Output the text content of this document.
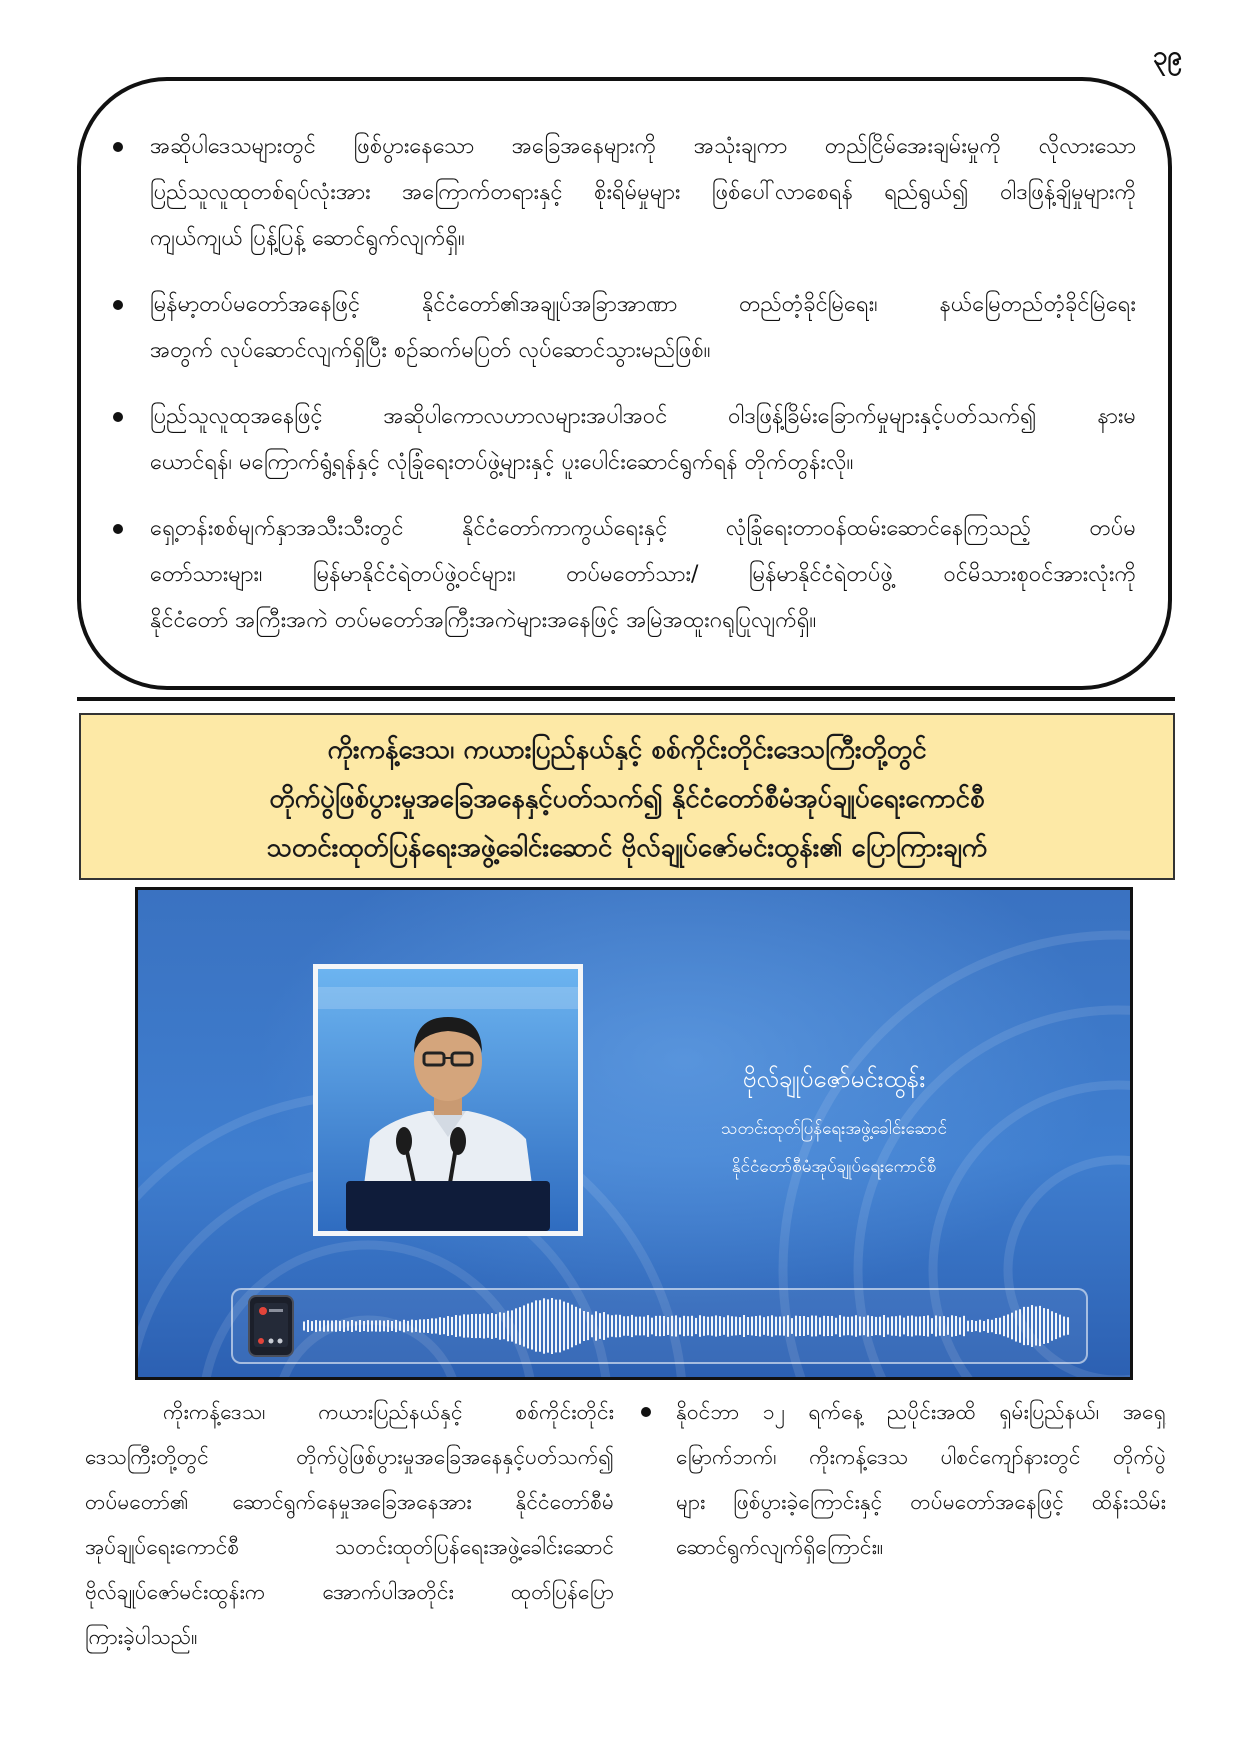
၃၉
အဆိုပါဒေသများတွင် ဖြစ်ပွားနေသော အခြေအနေများကို အသုံးချကာ တည်ငြိမ်အေးချမ်းမှုကို လိုလားသော
ပြည်သူလူထုတစ်ရပ်လုံးအား အကြောက်တရားနှင့် စိုးရိမ်မှုများ ဖြစ်ပေါ်လာစေရန် ရည်ရွယ်၍ ဝါဒဖြန့်ချိမှုများကို
ကျယ်ကျယ် ပြန့်ပြန့် ဆောင်ရွက်လျက်ရှိ။
မြန်မာ့တပ်မတော်အနေဖြင့် နိုင်ငံတော်၏အချုပ်အခြာအာဏာ တည်တံ့ခိုင်မြဲရေး၊ နယ်မြေတည်တံ့ခိုင်မြဲရေး
အတွက် လုပ်ဆောင်လျက်ရှိပြီး စဉ်ဆက်မပြတ် လုပ်ဆောင်သွားမည်ဖြစ်။
ပြည်သူလူထုအနေဖြင့် အဆိုပါကောလဟာလများအပါအဝင် ဝါဒဖြန့်ခြိမ်းခြောက်မှုများနှင့်ပတ်သက်၍ နားမ
ယောင်ရန်၊ မကြောက်ရွံ့ရန်နှင့် လုံခြုံရေးတပ်ဖွဲ့များနှင့် ပူးပေါင်းဆောင်ရွက်ရန် တိုက်တွန်းလို။
ရှေ့တန်းစစ်မျက်နှာအသီးသီးတွင် နိုင်ငံတော်ကာကွယ်ရေးနှင့် လုံခြုံရေးတာဝန်ထမ်းဆောင်နေကြသည့် တပ်မ
တော်သားများ၊ မြန်မာနိုင်ငံရဲတပ်ဖွဲ့ဝင်များ၊ တပ်မတော်သား/ မြန်မာနိုင်ငံရဲတပ်ဖွဲ့ ဝင်မိသားစုဝင်အားလုံးကို
နိုင်ငံတော် အကြီးအကဲ တပ်မတော်အကြီးအကဲများအနေဖြင့် အမြဲအထူးဂရုပြုလျက်ရှိ။
ကိုးကန့်ဒေသ၊ ကယားပြည်နယ်နှင့် စစ်ကိုင်းတိုင်းဒေသကြီးတို့တွင်
တိုက်ပွဲဖြစ်ပွားမှုအခြေအနေနှင့်ပတ်သက်၍ နိုင်ငံတော်စီမံအုပ်ချုပ်ရေးကောင်စီ
သတင်းထုတ်ပြန်ရေးအဖွဲ့ခေါင်းဆောင် ဗိုလ်ချုပ်ဇော်မင်းထွန်း၏ ပြောကြားချက်
ဗိုလ်ချုပ်ဇော်မင်းထွန်း
သတင်းထုတ်ပြန်ရေးအဖွဲ့ခေါင်းဆောင်
နိုင်ငံတော်စီမံအုပ်ချုပ်ရေးကောင်စီ
ကိုးကန့်ဒေသ၊ ကယားပြည်နယ်နှင့် စစ်ကိုင်းတိုင်း
ဒေသကြီးတို့တွင် တိုက်ပွဲဖြစ်ပွားမှုအခြေအနေနှင့်ပတ်သက်၍
တပ်မတော်၏ ဆောင်ရွက်နေမှုအခြေအနေအား နိုင်ငံတော်စီမံ
အုပ်ချုပ်ရေးကောင်စီ သတင်းထုတ်ပြန်ရေးအဖွဲ့ခေါင်းဆောင်
ဗိုလ်ချုပ်ဇော်မင်းထွန်းက အောက်ပါအတိုင်း ထုတ်ပြန်ပြော
ကြားခဲ့ပါသည်။
နိုဝင်ဘာ ၁၂ ရက်နေ့ ညပိုင်းအထိ ရှမ်းပြည်နယ်၊ အရှေ့
မြောက်ဘက်၊ ကိုးကန့်ဒေသ ပါစင်ကျော်နားတွင် တိုက်ပွဲ
များ ဖြစ်ပွားခဲ့ကြောင်းနှင့် တပ်မတော်အနေဖြင့် ထိန်းသိမ်း
ဆောင်ရွက်လျက်ရှိကြောင်း။
